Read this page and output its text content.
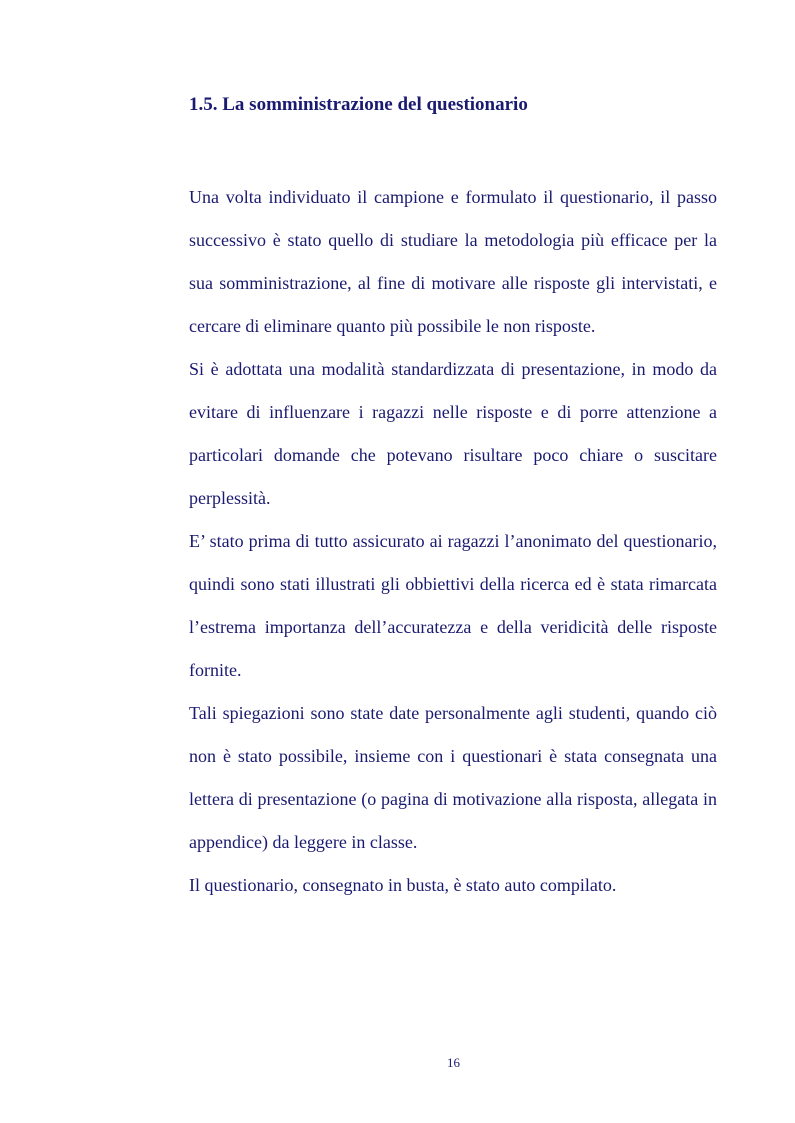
1.5. La somministrazione del questionario

Una volta individuato il campione e formulato il questionario, il passo successivo è stato quello di studiare la metodologia più efficace per la sua somministrazione, al fine di motivare alle risposte gli intervistati, e cercare di eliminare quanto più possibile le non risposte.

Si è adottata una modalità standardizzata di presentazione, in modo da evitare di influenzare i ragazzi nelle risposte e di porre attenzione a particolari domande che potevano risultare poco chiare o suscitare perplessità.

E’ stato prima di tutto assicurato ai ragazzi l’anonimato del questionario, quindi sono stati illustrati gli obbiettivi della ricerca ed è stata rimarcata l’estrema importanza dell’accuratezza e della veridicità delle risposte fornite.

Tali spiegazioni sono state date personalmente agli studenti, quando ciò non è stato possibile, insieme con i questionari è stata consegnata una lettera di presentazione (o pagina di motivazione alla risposta, allegata in appendice) da leggere in classe.

Il questionario, consegnato in busta, è stato auto compilato.

16
